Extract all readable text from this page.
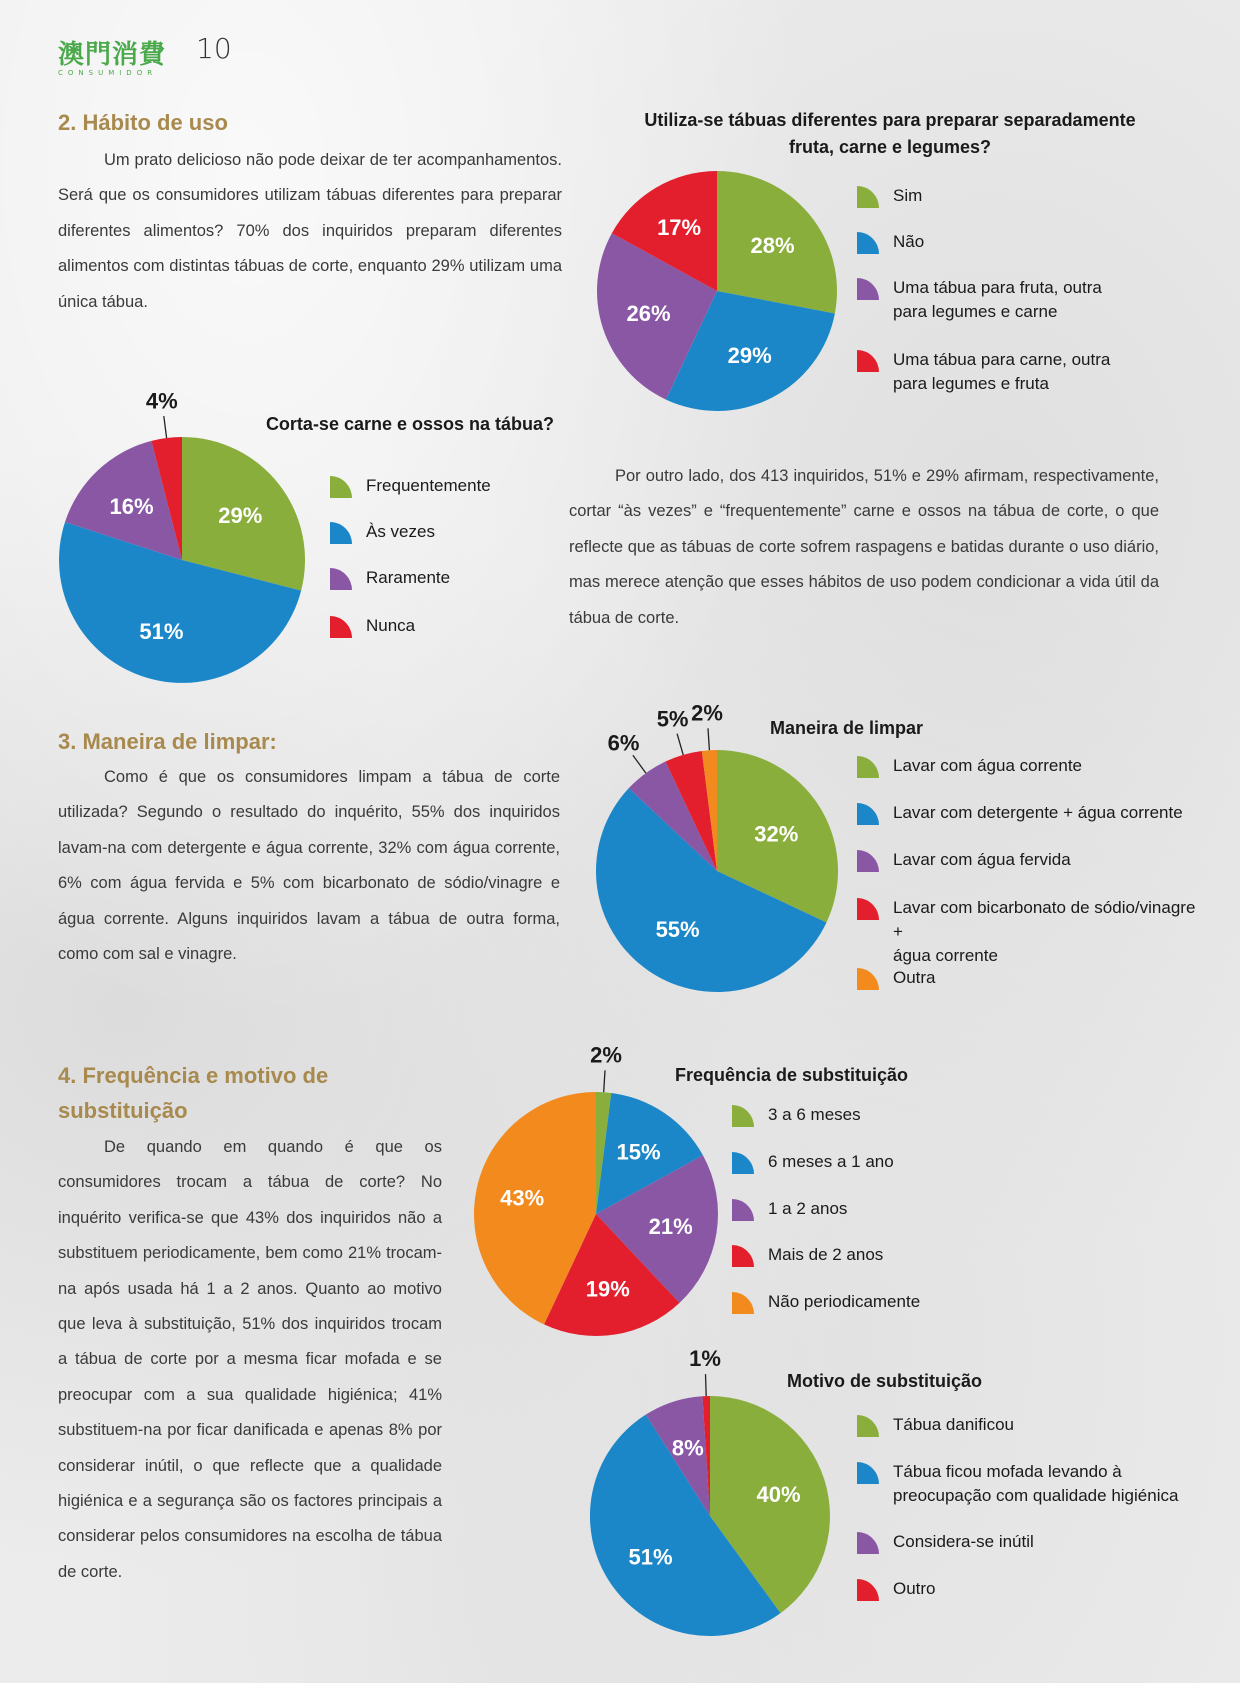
澳門消費
CONSUMIDOR
10
2. Hábito de uso

Um prato delicioso não pode deixar de ter acompanhamentos. Será que os consumidores utilizam tábuas diferentes para preparar diferentes alimentos? 70% dos inquiridos preparam diferentes alimentos com distintas tábuas de corte, enquanto 29% utilizam uma única tábua.

Por outro lado, dos 413 inquiridos, 51% e 29% afirmam, respectivamente, cortar “às vezes” e “frequentemente” carne e ossos na tábua de corte, o que reflecte que as tábuas de corte sofrem raspagens e batidas durante o uso diário, mas merece atenção que esses hábitos de uso podem condicionar a vida útil da tábua de corte.

3. Maneira de limpar:

Como é que os consumidores limpam a tábua de corte utilizada? Segundo o resultado do inquérito, 55% dos inquiridos lavam-na com detergente e água corrente, 32% com água corrente, 6% com água fervida e 5% com bicarbonato de sódio/vinagre e água corrente. Alguns inquiridos lavam a tábua de outra forma, como com sal e vinagre.

4. Frequência e motivo de
substituição

De quando em quando é que os consumidores trocam a tábua de corte? No inquérito verifica-se que 43% dos inquiridos não a substituem periodicamente, bem como 21% trocam-na após usada há 1 a 2 anos. Quanto ao motivo que leva à substituição, 51% dos inquiridos trocam a tábua de corte por a mesma ficar mofada e se preocupar com a sua qualidade higiénica; 41% substituem-na por ficar danificada e apenas 8% por considerar inútil, o que reflecte que a qualidade higiénica e a segurança são os factores principais a considerar pelos consumidores na escolha de tábua de corte.

Utiliza-se tábuas diferentes para preparar separadamente
fruta, carne e legumes?
28%
29%
26%
17%
Sim
Não
Uma tábua para fruta, outra
para legumes e carne
Uma tábua para carne, outra
para legumes e fruta
Corta-se carne e ossos na tábua?
29%
51%
16%
4%
Frequentemente
Às vezes
Raramente
Nunca
Maneira de limpar
32%
55%
6%
5% 2%
Lavar com água corrente
Lavar com detergente + água corrente
Lavar com água fervida
Lavar com bicarbonato de sódio/vinagre +
água corrente
Outra
Frequência de substituição
2%
15%
21%
19%
43%
3 a 6 meses
6 meses a 1 ano
1 a 2 anos
Mais de 2 anos
Não periodicamente
Motivo de substituição
40%
51%
8%
1%
Tábua danificou
Tábua ficou mofada levando à
preocupação com qualidade higiénica
Considera-se inútil
Outro
